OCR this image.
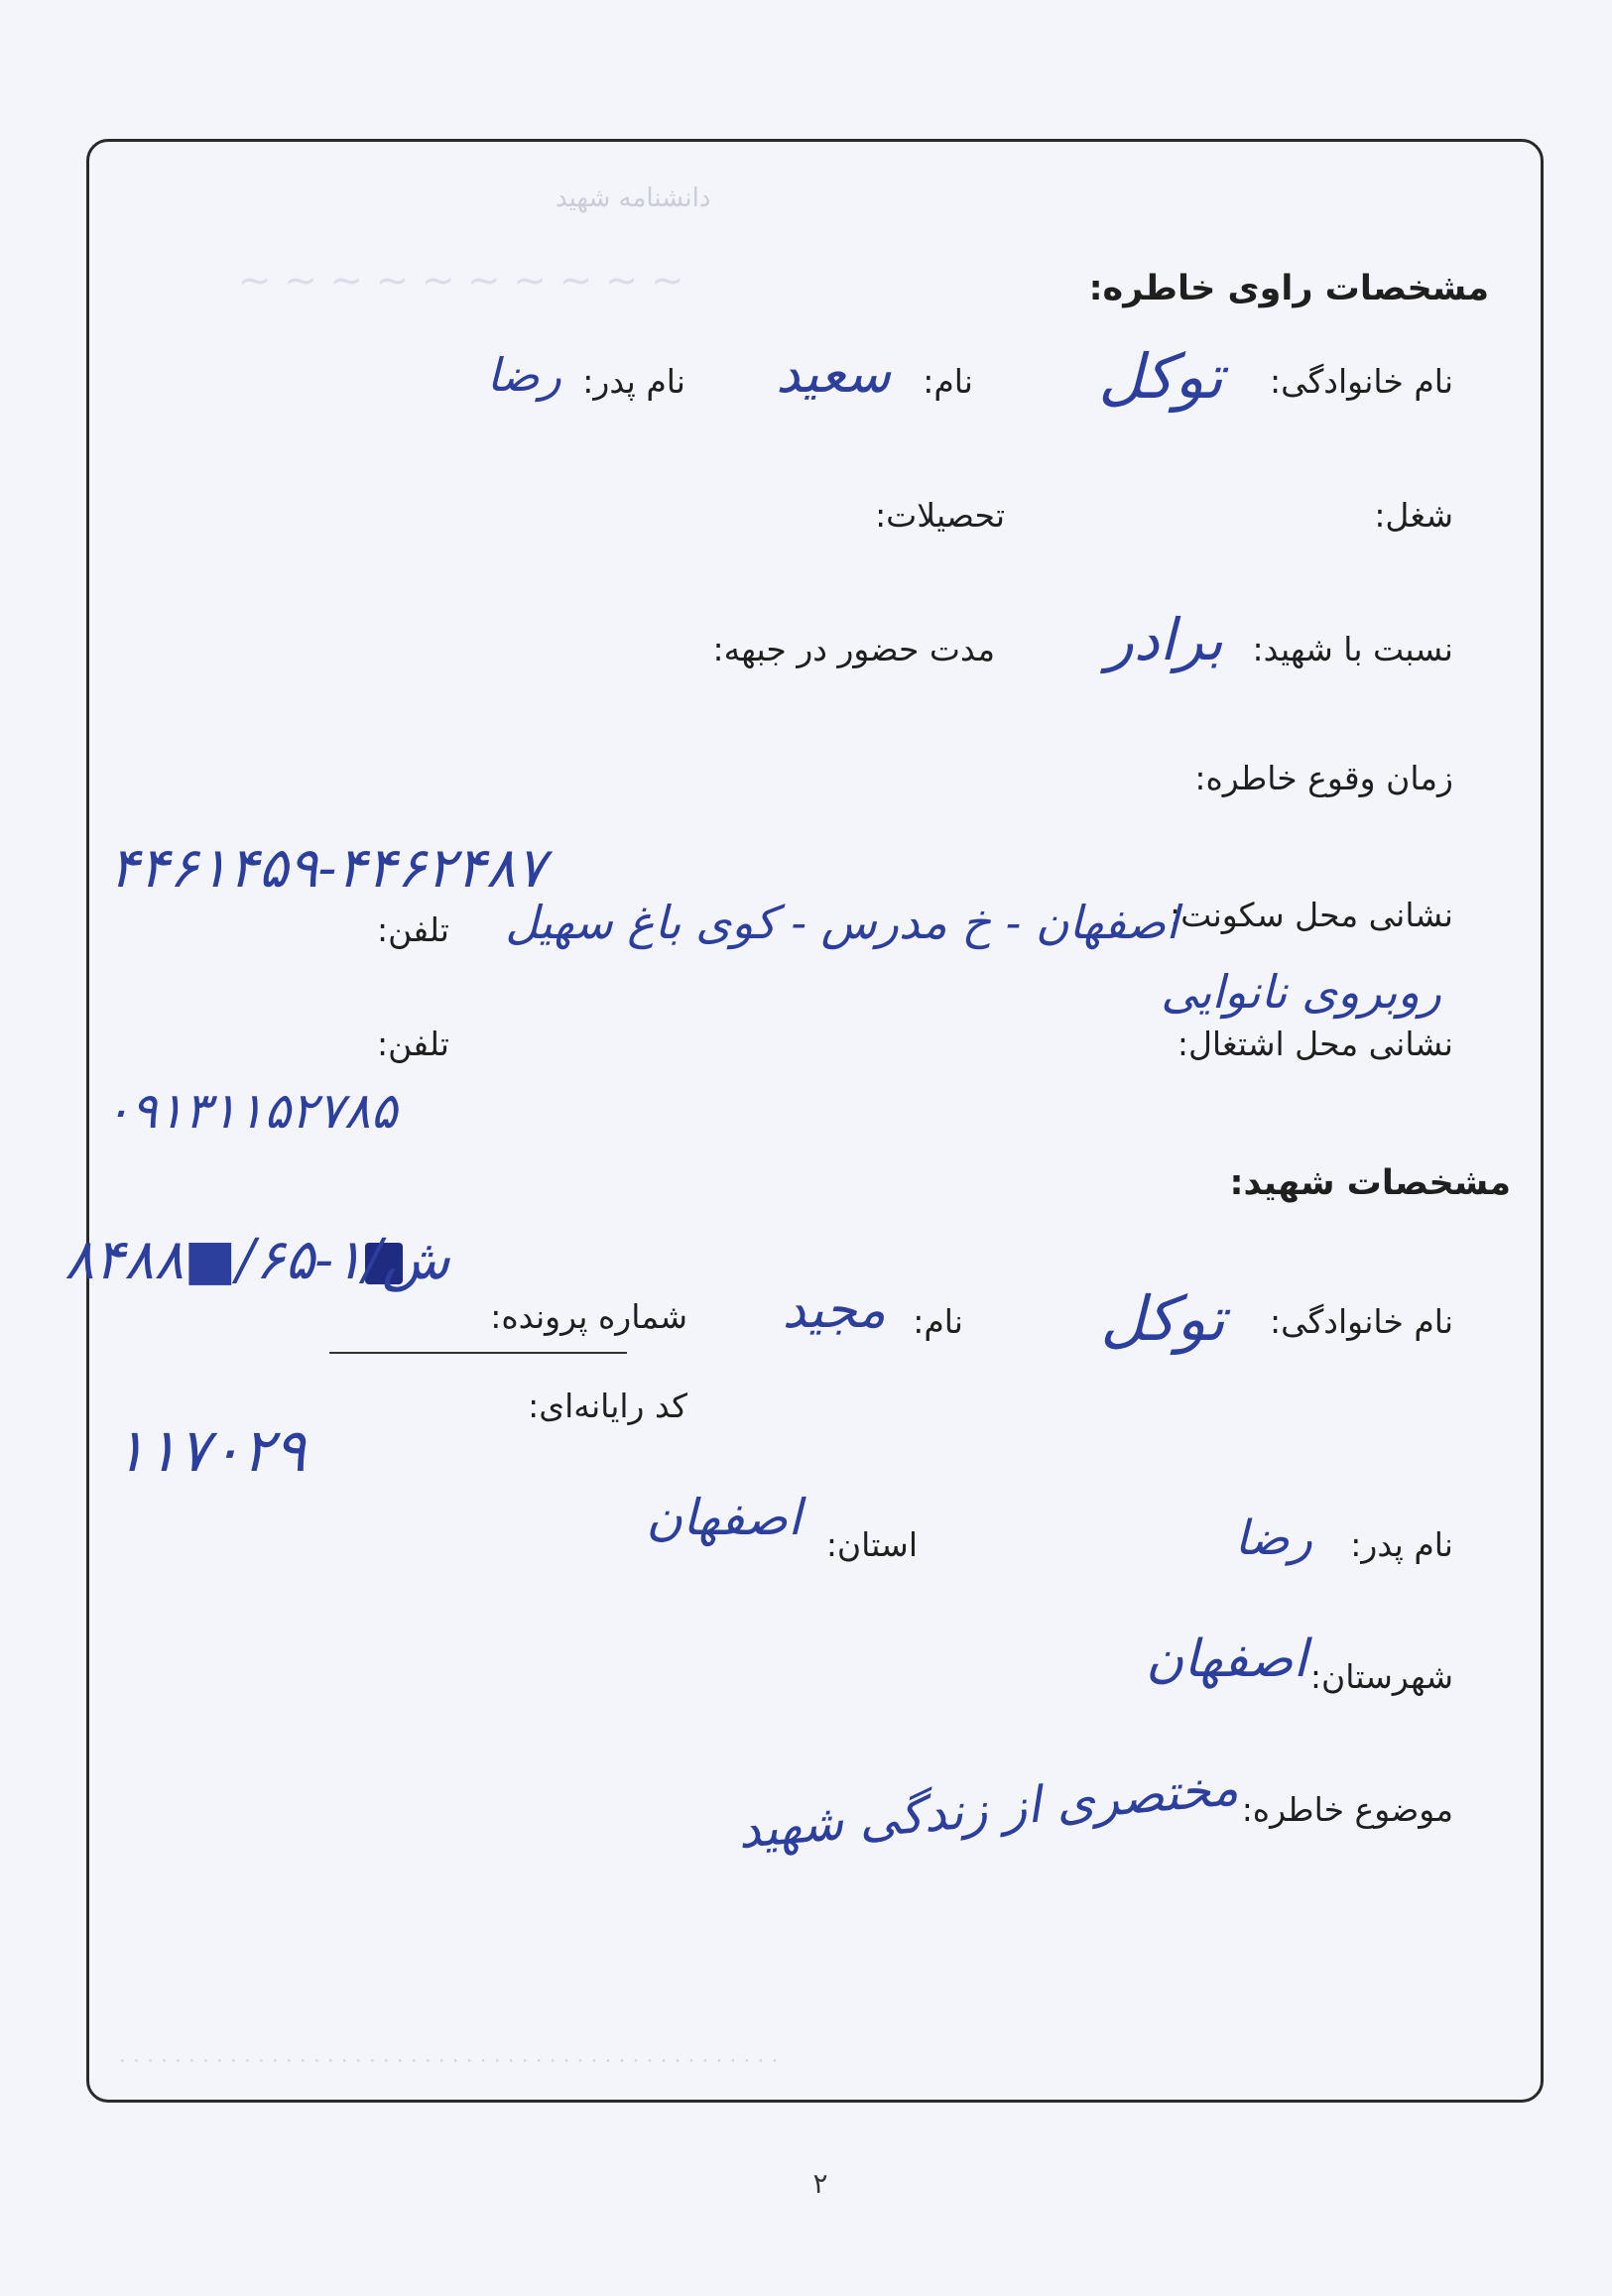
دانشنامه شهید
~ ~ ~ ~ ~ ~ ~ ~ ~ ~
. . . . . . . . . . . . . . . . . . . . . . . . . . . . . . . . . . . . . . . . . . . . . . . .
مشخصات راوی خاطره:
نام خانوادگی:
توکل
نام:
سعید
نام پدر:
رضا
شغل:
تحصیلات:
نسبت با شهید:
برادر
مدت حضور در جبهه:
زمان وقوع خاطره:
۴۴۶۱۴۵۹-۴۴۶۲۴۸۷
تلفن:	نشانی محل سکونت:
اصفهان - خ مدرس - کوی باغ سهیل
روبروی نانوایی
نشانی محل اشتغال:
تلفن:
۰۹۱۳۱۱۵۲۷۸۵
مشخصات شهید:
ش/۱-۶۵/■۸۴۸۸
نام خانوادگی:
توکل
نام:
مجید
شماره پرونده:
کد رایانه‌ای:
۱۱۷۰۲۹
نام پدر:
رضا
استان:
اصفهان
شهرستان:
اصفهان
موضوع خاطره:
مختصری از زندگی شهید
۲
